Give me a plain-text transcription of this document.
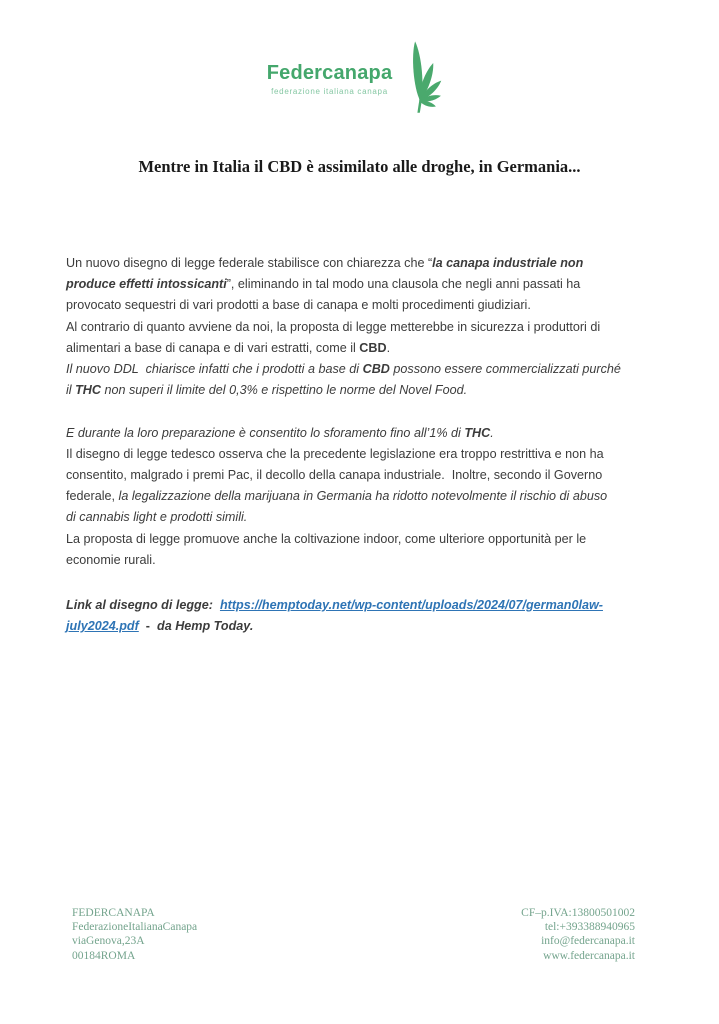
Federcanapa
federazione italiana canapa
Mentre in Italia il CBD è assimilato alle droghe, in Germania...
Un nuovo disegno di legge federale stabilisce con chiarezza che “la canapa industriale non
produce effetti intossicanti”, eliminando in tal modo una clausola che negli anni passati ha
provocato sequestri di vari prodotti a base di canapa e molti procedimenti giudiziari.
Al contrario di quanto avviene da noi, la proposta di legge metterebbe in sicurezza i produttori di
alimentari a base di canapa e di vari estratti, come il CBD.
Il nuovo DDL  chiarisce infatti che i prodotti a base di CBD possono essere commercializzati purché
il THC non superi il limite del 0,3% e rispettino le norme del Novel Food.
E durante la loro preparazione è consentito lo sforamento fino all’1% di THC.
Il disegno di legge tedesco osserva che la precedente legislazione era troppo restrittiva e non ha
consentito, malgrado i premi Pac, il decollo della canapa industriale.  Inoltre, secondo il Governo
federale, la legalizzazione della marijuana in Germania ha ridotto notevolmente il rischio di abuso
di cannabis light e prodotti simili.
La proposta di legge promuove anche la coltivazione indoor, come ulteriore opportunità per le
economie rurali.
Link al disegno di legge:  https://hemptoday.net/wp-content/uploads/2024/07/german0law-
july2024.pdf  -  da Hemp Today.
FEDERCANAPA
FederazioneItalianaCanapa
viaGenova,23A
00184ROMA
CF–p.IVA:13800501002
tel:+393388940965
info@federcanapa.it
www.federcanapa.it
